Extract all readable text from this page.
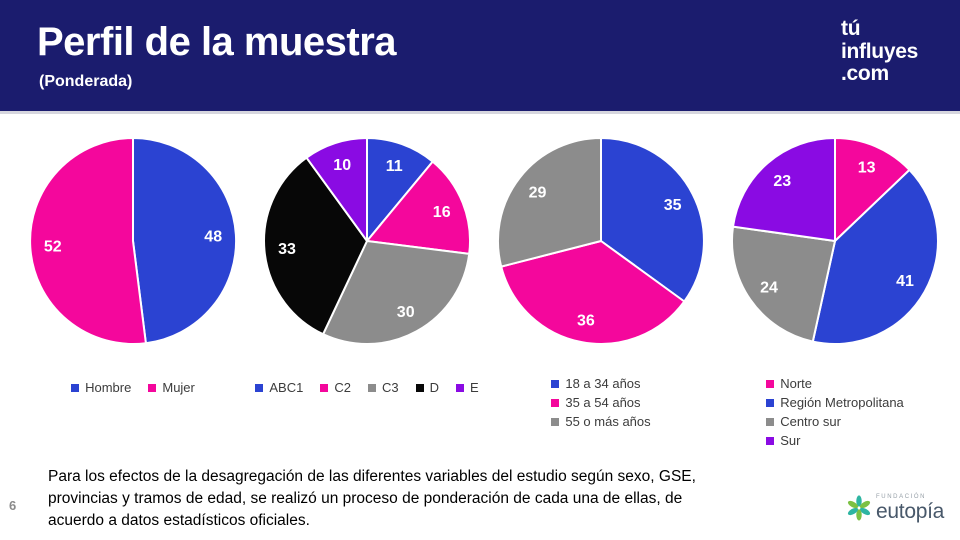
Perfil de la muestra
(Ponderada)
tú
influyes
.com
48
52
Hombre Mujer
11
16
30
33
10
ABC1 C2 C3 D E
35
36
29
18 a 34 años
35 a 54 años
55 o más años
13
41
24
23
Norte
Región Metropolitana
Centro sur
Sur
Para los efectos de la desagregación de las diferentes variables del estudio según sexo, GSE, provincias y tramos de edad, se realizó un proceso de ponderación de cada una de ellas, de acuerdo a datos estadísticos oficiales.
6
FUNDACIÓN
eutopía
